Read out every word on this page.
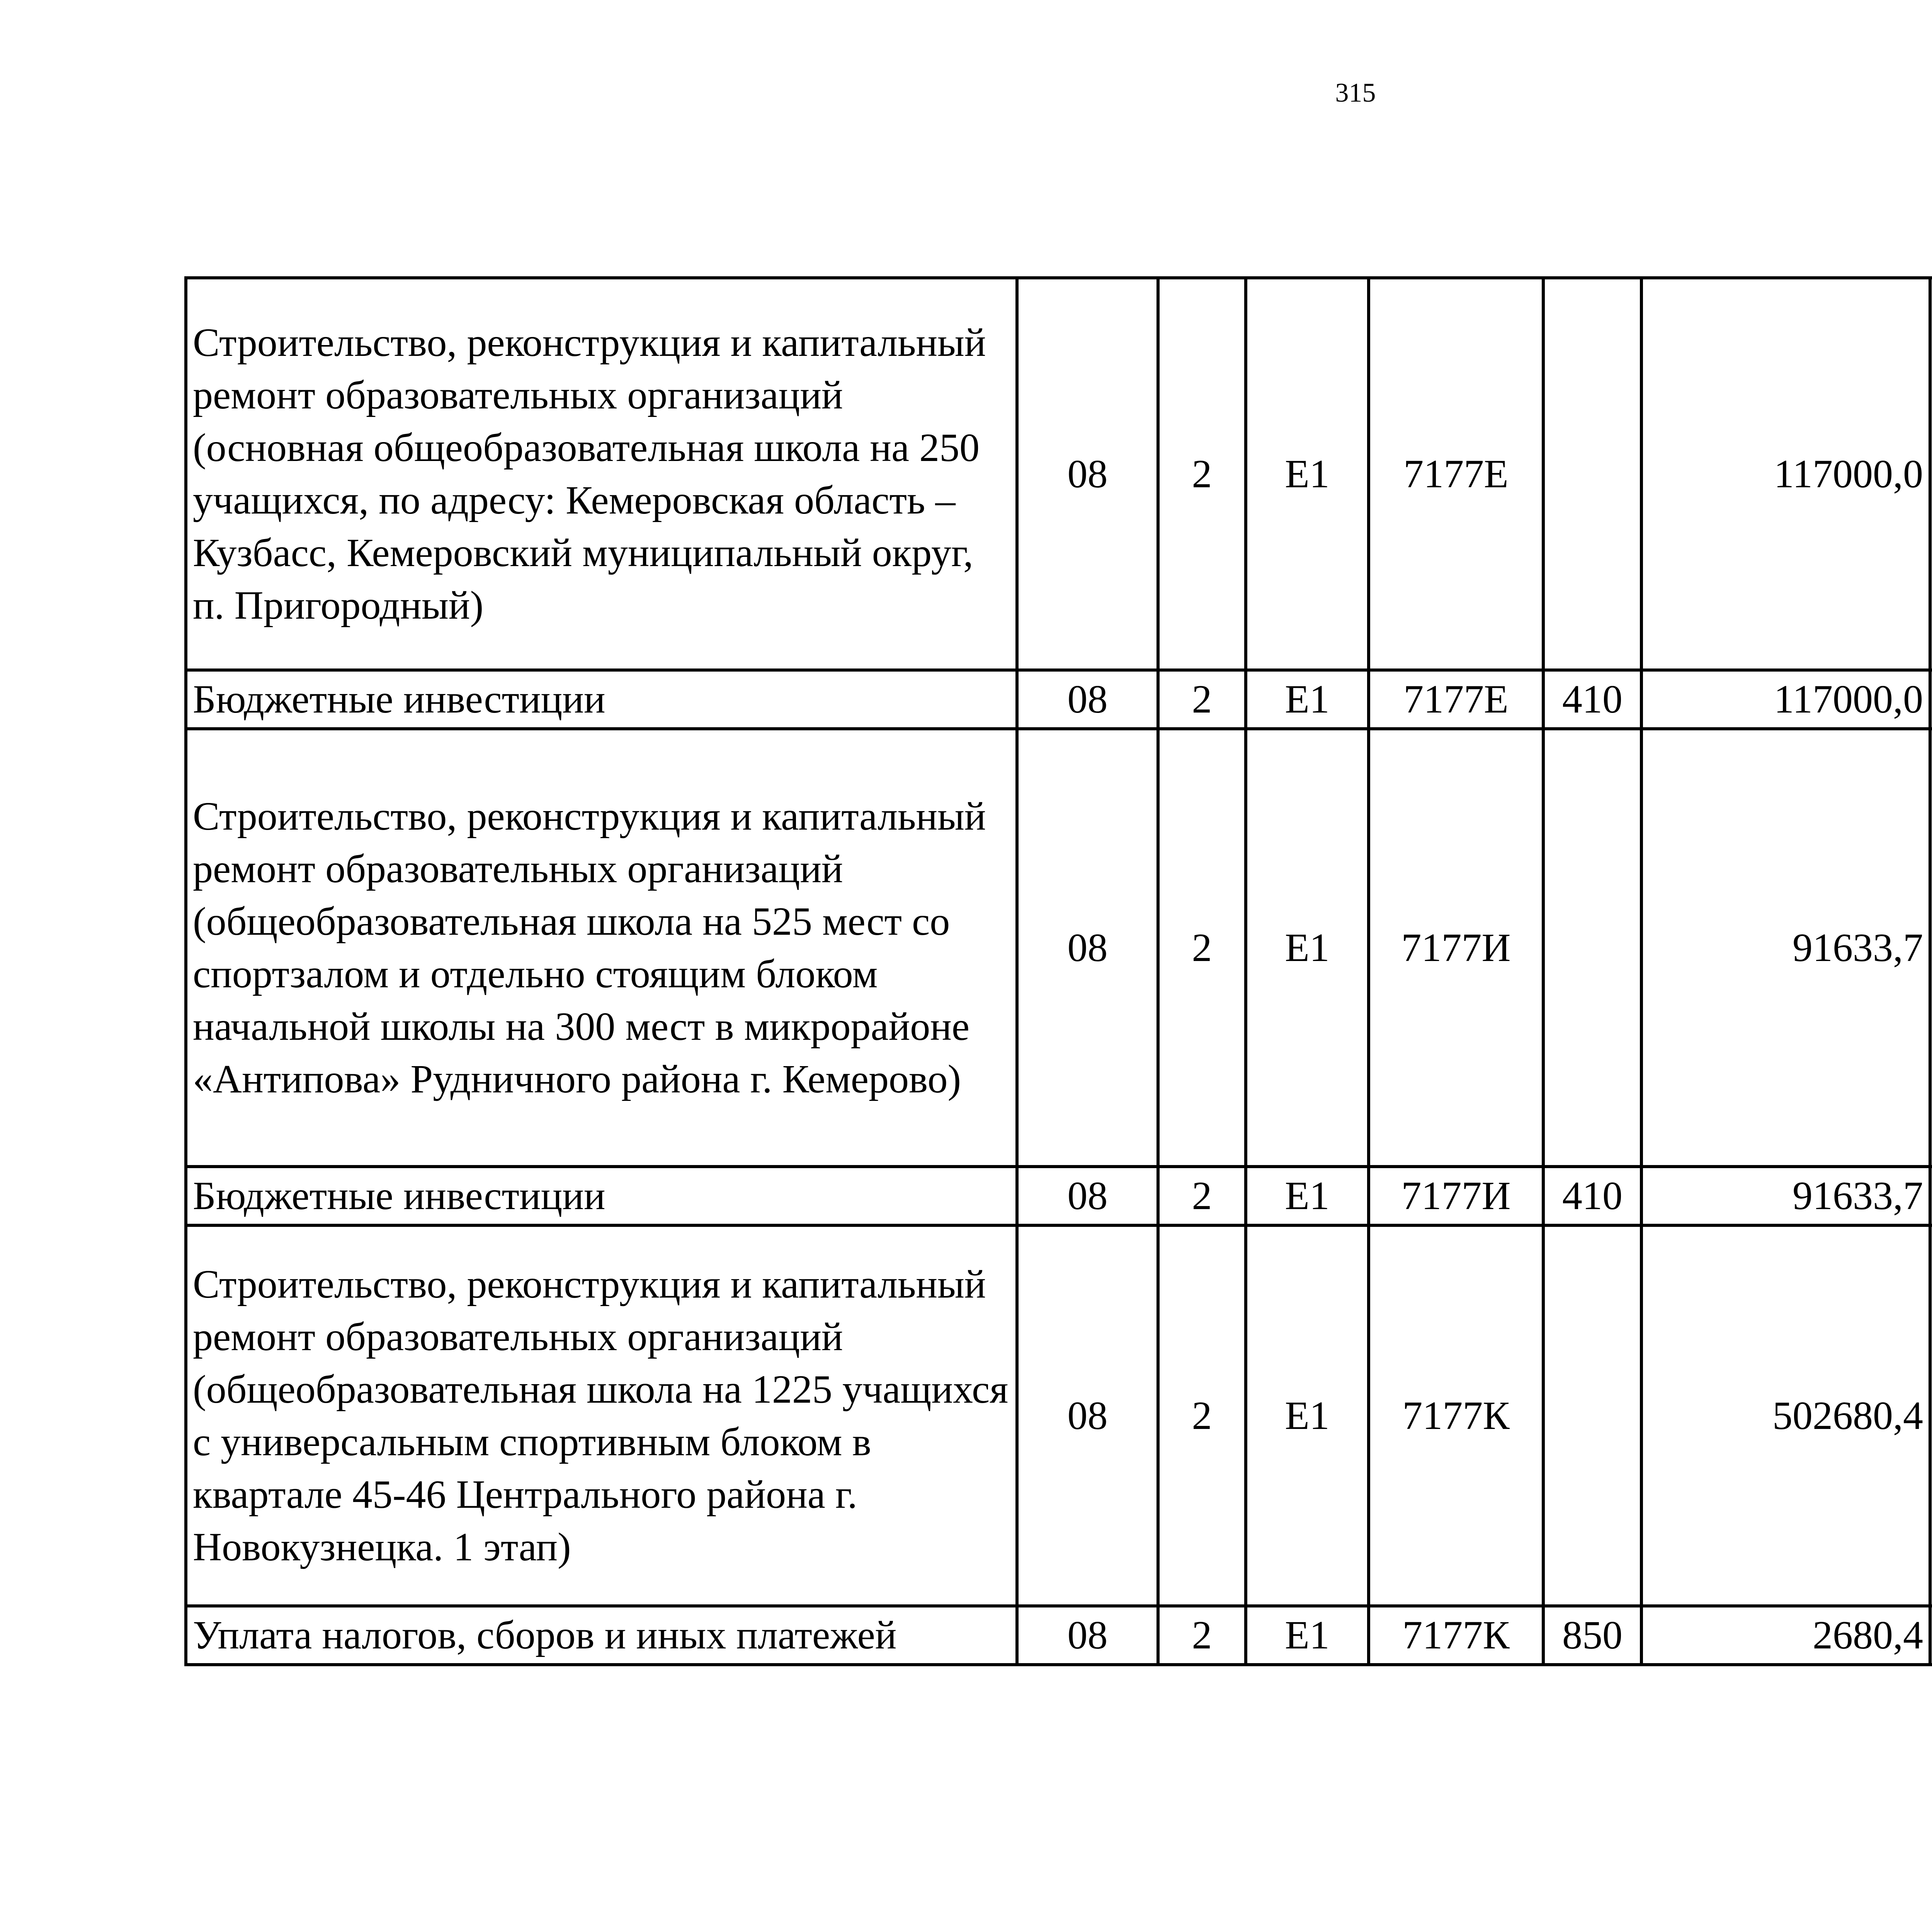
315
Строительство, реконструкция и капитальный ремонт образовательных организаций (основная общеобразовательная школа на 250 учащихся, по адресу: Кемеровская область – Кузбасс, Кемеровский муниципальный округ, п. Пригородный)	08	2	Е1	7177Е		117000,0		
Бюджетные инвестиции	08	2	Е1	7177Е	410	117000,0		
Строительство, реконструкция и капитальный ремонт образовательных организаций (общеобразовательная школа на 525 мест со спортзалом и отдельно стоящим блоком начальной школы на 300 мест в микрорайоне «Антипова» Рудничного района г. Кемерово)	08	2	Е1	7177И		91633,7		
Бюджетные инвестиции	08	2	Е1	7177И	410	91633,7		
Строительство, реконструкция и капитальный ремонт образовательных организаций (общеобразовательная школа на 1225 учащихся с универсальным спортивным блоком в квартале 45-46 Центрального района г. Новокузнецка. 1 этап)	08	2	Е1	7177К		502680,4		
Уплата налогов, сборов и иных платежей	08	2	Е1	7177К	850	2680,4		
